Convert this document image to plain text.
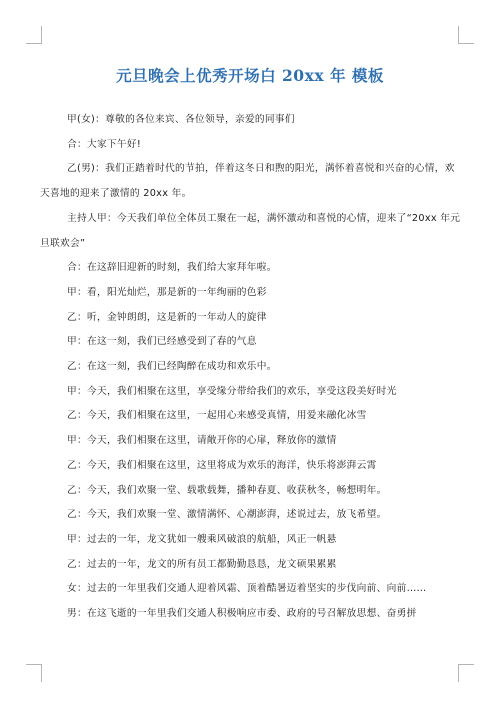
元旦晚会上优秀开场白 20xx 年 模板

甲(女)：尊敬的各位来宾、各位领导，亲爱的同事们

合：大家下午好!

乙(男)：我们正踏着时代的节拍，伴着这冬日和煦的阳光，满怀着喜悦和兴奋的心情，欢天喜地的迎来了激情的 20xx 年。

主持人甲：今天我们单位全体员工聚在一起，满怀激动和喜悦的心情，迎来了“20xx 年元旦联欢会”

合：在这辞旧迎新的时刻，我们给大家拜年啦。

甲：看，阳光灿烂，那是新的一年绚丽的色彩

乙：听，金钟朗朗，这是新的一年动人的旋律

甲：在这一刻，我们已经感受到了春的气息

乙：在这一刻，我们已经陶醉在成功和欢乐中。

甲：今天，我们相聚在这里，享受缘分带给我们的欢乐，享受这段美好时光

乙：今天，我们相聚在这里，一起用心来感受真情，用爱来融化冰雪

甲：今天，我们相聚在这里，请敞开你的心扉，释放你的激情

乙：今天，我们相聚在这里，这里将成为欢乐的海洋，快乐将澎湃云霄

乙：今天，我们欢聚一堂、载歌载舞，播种春夏、收获秋冬，畅想明年。

乙：今天，我们欢聚一堂、激情满怀、心潮澎湃，述说过去，放飞希望。

甲：过去的一年，龙文犹如一艘乘风破浪的航船，风正一帆悬

乙：过去的一年，龙文的所有员工都勤勤恳恳，龙文硕果累累

女：过去的一年里我们交通人迎着风霜、顶着酷暑迈着坚实的步伐向前、向前……

男：在这飞逝的一年里我们交通人积极响应市委、政府的号召解放思想、奋勇拼
